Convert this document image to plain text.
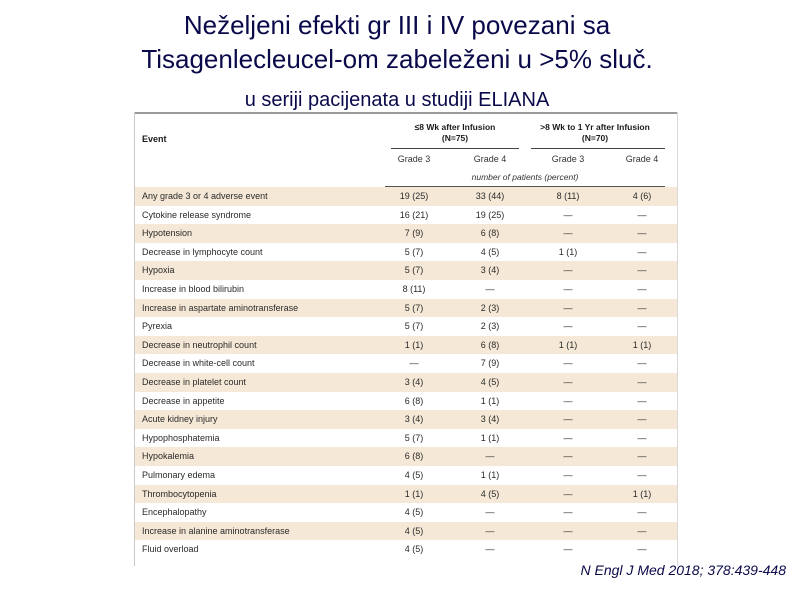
Neželjeni efekti gr III i IV povezani sa
Tisagenlecleucel-om zabeleženi u >5% sluč.
u seriji pacijenata u studiji ELIANA
Event
≤8 Wk after Infusion
(N=75)
>8 Wk to 1 Yr after Infusion
(N=70)
Grade 3	Grade 4	Grade 3	Grade 4
number of patients (percent)
Any grade 3 or 4 adverse event	19 (25)	33 (44)	8 (11)	4 (6)
Cytokine release syndrome	16 (21)	19 (25)	—	—
Hypotension	7 (9)	6 (8)	—	—
Decrease in lymphocyte count	5 (7)	4 (5)	1 (1)	—
Hypoxia	5 (7)	3 (4)	—	—
Increase in blood bilirubin	8 (11)	—	—	—
Increase in aspartate aminotransferase	5 (7)	2 (3)	—	—
Pyrexia	5 (7)	2 (3)	—	—
Decrease in neutrophil count	1 (1)	6 (8)	1 (1)	1 (1)
Decrease in white-cell count	—	7 (9)	—	—
Decrease in platelet count	3 (4)	4 (5)	—	—
Decrease in appetite	6 (8)	1 (1)	—	—
Acute kidney injury	3 (4)	3 (4)	—	—
Hypophosphatemia	5 (7)	1 (1)	—	—
Hypokalemia	6 (8)	—	—	—
Pulmonary edema	4 (5)	1 (1)	—	—
Thrombocytopenia	1 (1)	4 (5)	—	1 (1)
Encephalopathy	4 (5)	—	—	—
Increase in alanine aminotransferase	4 (5)	—	—	—
Fluid overload	4 (5)	—	—	—
N Engl J Med 2018; 378:439-448
